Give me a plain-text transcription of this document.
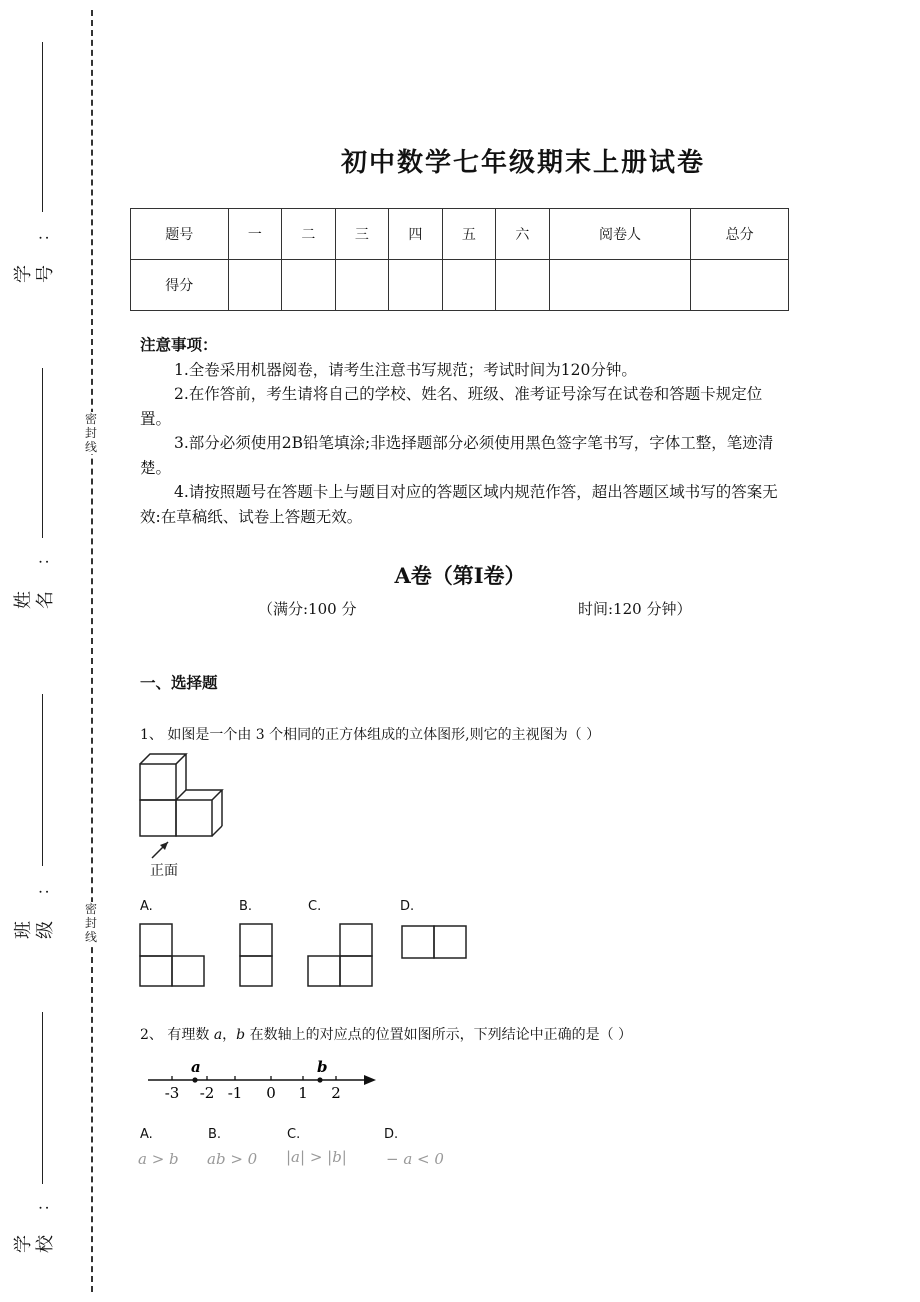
：
学号
：
姓名
：
班级
：
学校
密封线
密封线
初中数学七年级期末上册试卷
题号	一	二	三	四	五	六	阅卷人	总分
得分								

注意事项：

1.全卷采用机器阅卷，请考生注意书写规范；考试时间为120分钟。

2.在作答前，考生请将自己的学校、姓名、班级、准考证号涂写在试卷和答题卡规定位置。

3.部分必须使用2B铅笔填涂;非选择题部分必须使用黑色签字笔书写，字体工整，笔迹清楚。

4.请按照题号在答题卡上与题目对应的答题区域内规范作答，超出答题区域书写的答案无效:在草稿纸、试卷上答题无效。

A卷（第I卷）
（满分:100 分	时间:120 分钟）
一、选择题
1、 如图是一个由 3 个相同的正方体组成的立体图形,则它的主视图为（ ）
正面
A.	B.	C.	D.
2、 有理数 a，b 在数轴上的对应点的位置如图所示，下列结论中正确的是（ ）
-3 -2 -1 0 1 2
a	b
A.	B.	C.	D.
a > b ab > 0 |a| > |b|	− a < 0
